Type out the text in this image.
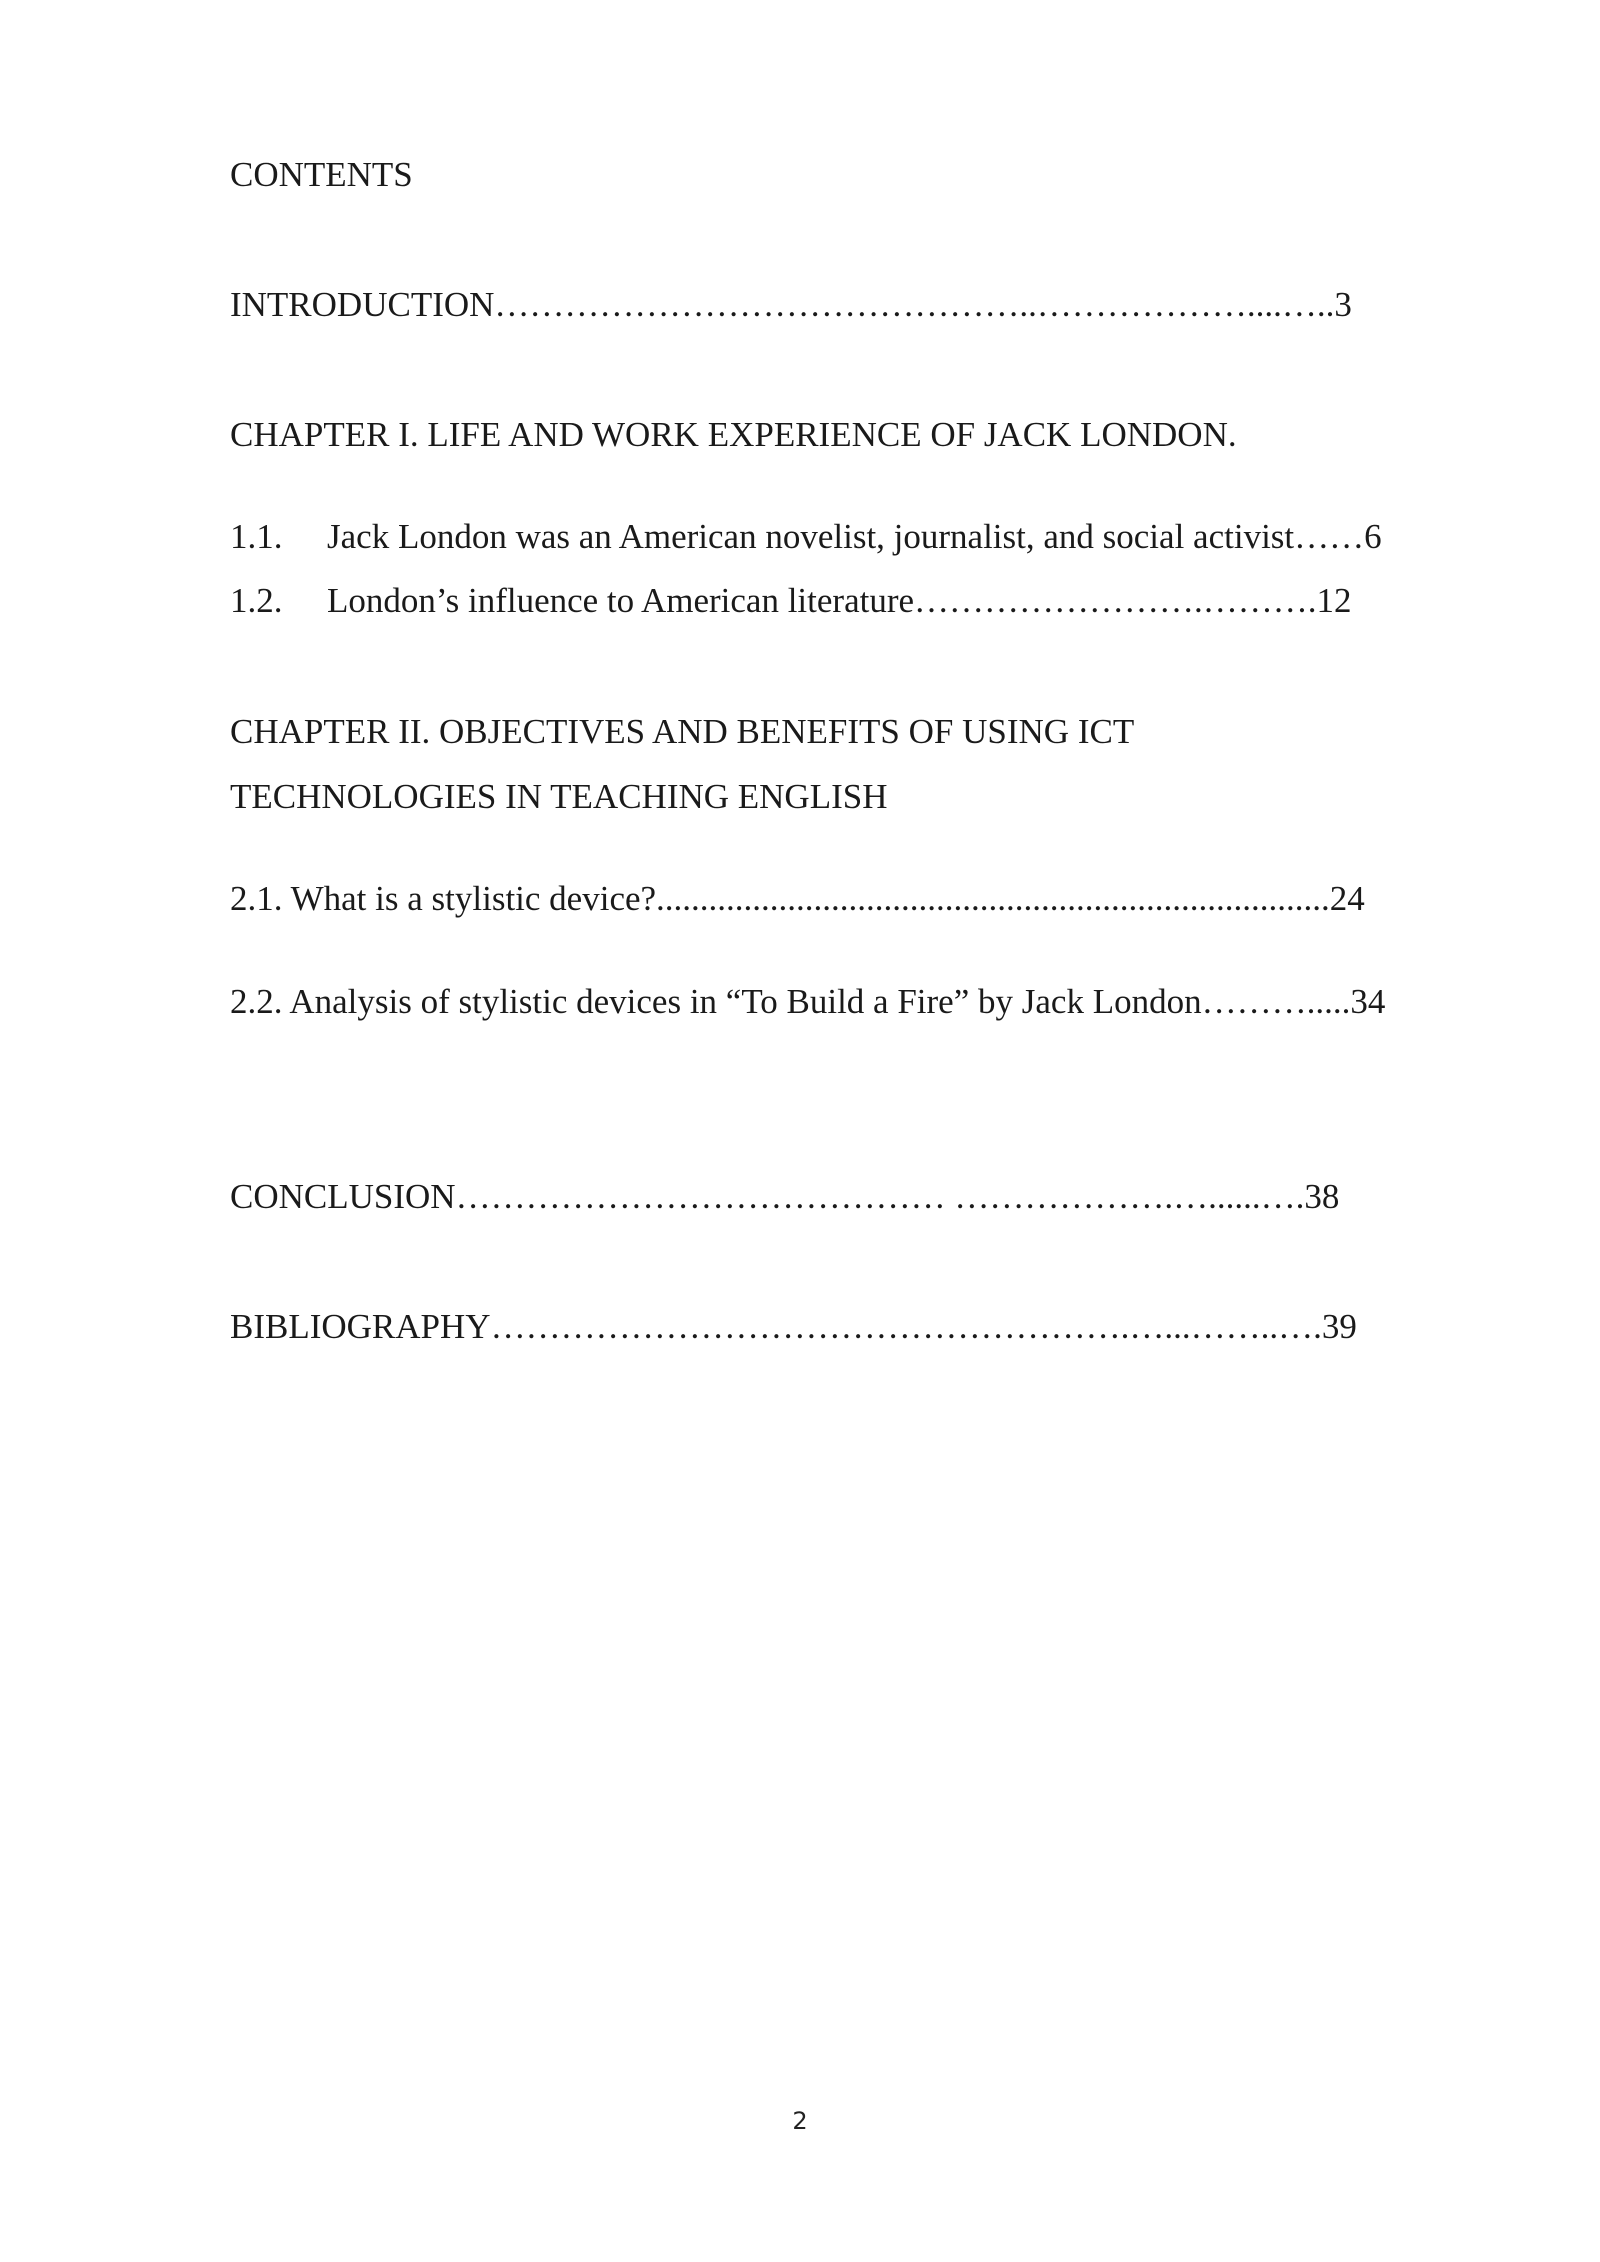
CONTENTS
INTRODUCTION………………………………………..………………....…..3
CHAPTER I. LIFE AND WORK EXPERIENCE OF JACK LONDON.
1.1. Jack London was an American novelist, journalist, and social activist……6
1.2. London’s influence to American literature…………………….……….12
CHAPTER II. OBJECTIVES AND BENEFITS OF USING ICT
TECHNOLOGIES IN TEACHING ENGLISH
2.1. What is a stylistic device?.............................................................................24
2.2. Analysis of stylistic devices in “To Build a Fire” by Jack London……….....34
CONCLUSION…………………………………… ……………….…......….38
BIBLIOGRAPHY……………………………………………….…...……..….39
2
